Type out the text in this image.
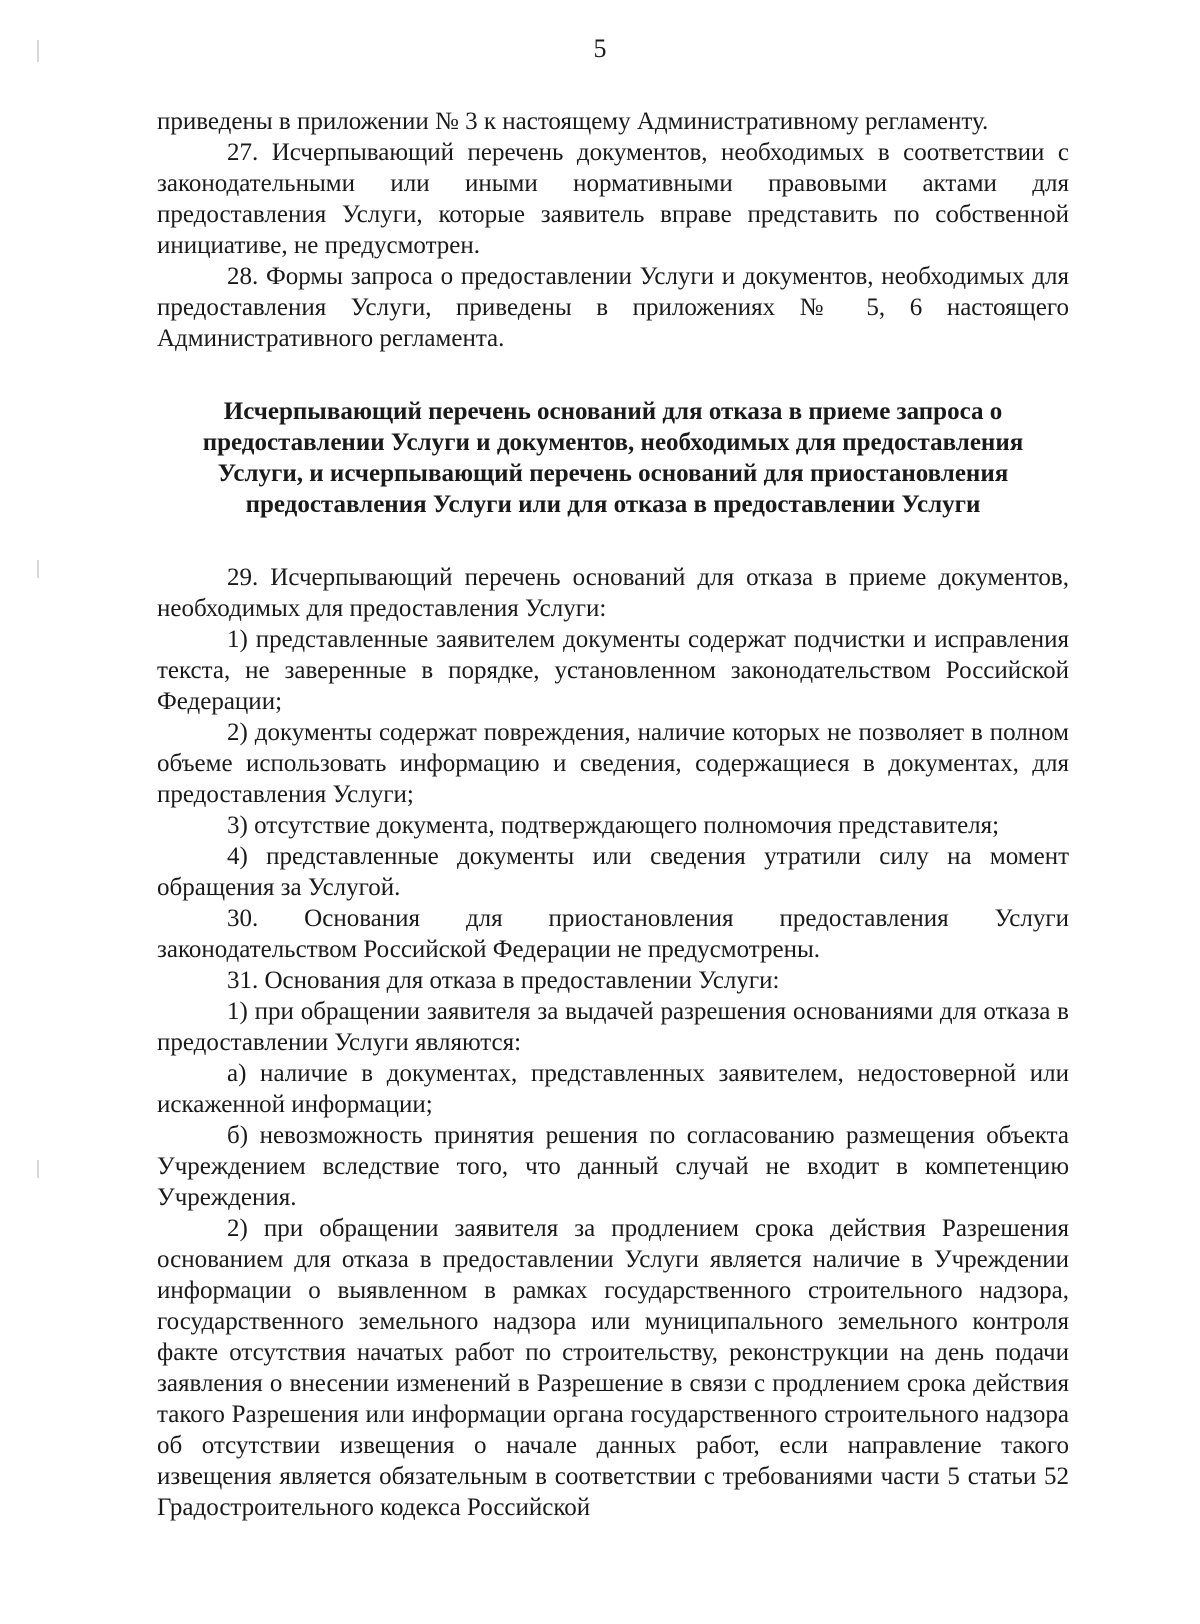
5

приведены в приложении № 3 к настоящему Административному регламенту.

27. Исчерпывающий перечень документов, необходимых в соответствии с законодательными или иными нормативными правовыми актами для предоставления Услуги, которые заявитель вправе представить по собственной инициативе, не предусмотрен.

28. Формы запроса о предоставлении Услуги и документов, необходимых для предоставления Услуги, приведены в приложениях № 5, 6 настоящего Административного регламента.

Исчерпывающий перечень оснований для отказа в приеме запроса о
предоставлении Услуги и документов, необходимых для предоставления
Услуги, и исчерпывающий перечень оснований для приостановления
предоставления Услуги или для отказа в предоставлении Услуги

29. Исчерпывающий перечень оснований для отказа в приеме документов, необходимых для предоставления Услуги:

1) представленные заявителем документы содержат подчистки и исправления текста, не заверенные в порядке, установленном законодательством Российской Федерации;

2) документы содержат повреждения, наличие которых не позволяет в полном объеме использовать информацию и сведения, содержащиеся в документах, для предоставления Услуги;

3) отсутствие документа, подтверждающего полномочия представителя;

4) представленные документы или сведения утратили силу на момент обращения за Услугой.

30. Основания для приостановления предоставления Услуги законодательством Российской Федерации не предусмотрены.

31. Основания для отказа в предоставлении Услуги:

1) при обращении заявителя за выдачей разрешения основаниями для отказа в предоставлении Услуги являются:

а) наличие в документах, представленных заявителем, недостоверной или искаженной информации;

б) невозможность принятия решения по согласованию размещения объекта Учреждением вследствие того, что данный случай не входит в компетенцию Учреждения.

2) при обращении заявителя за продлением срока действия Разрешения основанием для отказа в предоставлении Услуги является наличие в Учреждении информации о выявленном в рамках государственного строительного надзора, государственного земельного надзора или муниципального земельного контроля факте отсутствия начатых работ по строительству, реконструкции на день подачи заявления о внесении изменений в Разрешение в связи с продлением срока действия такого Разрешения или информации органа государственного строительного надзора об отсутствии извещения о начале данных работ, если направление такого извещения является обязательным в соответствии с требованиями части 5 статьи 52 Градостроительного кодекса Российской
